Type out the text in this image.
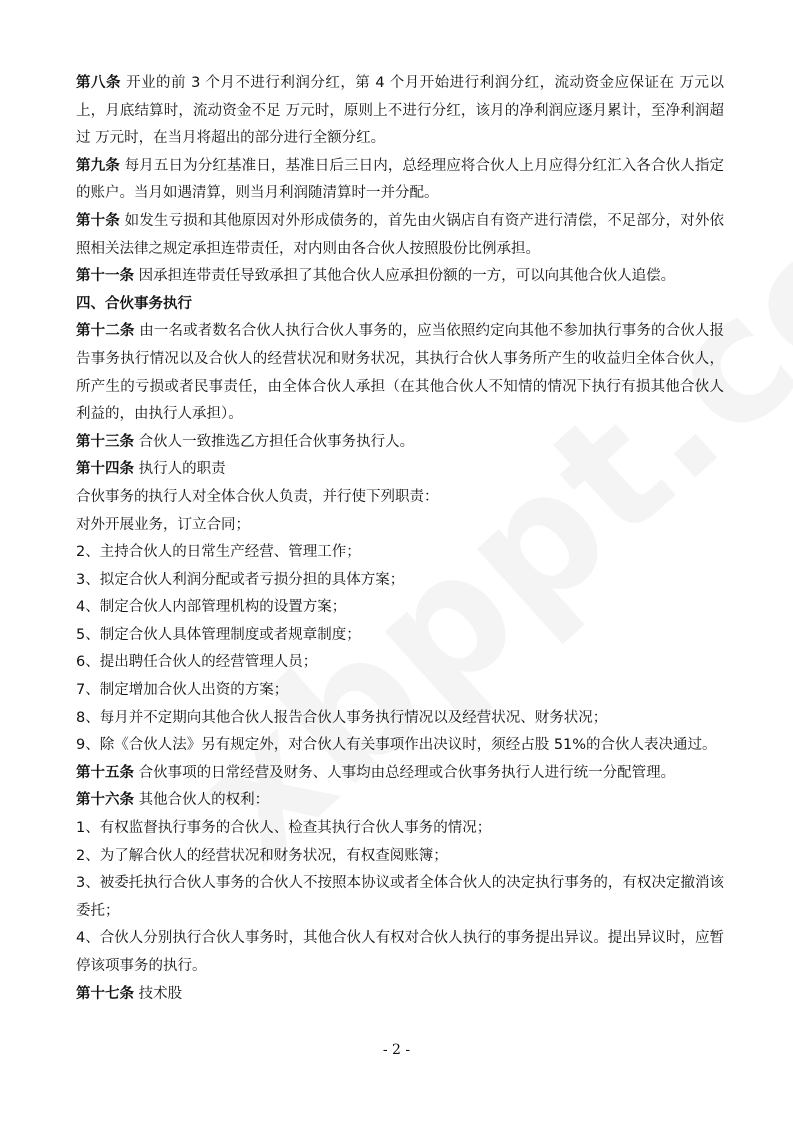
第八条 开业的前 3 个月不进行利润分红，第 4 个月开始进行利润分红，流动资金应保证在 万元以上，月底结算时，流动资金不足 万元时，原则上不进行分红，该月的净利润应逐月累计，至净利润超过 万元时，在当月将超出的部分进行全额分红。

第九条 每月五日为分红基准日，基准日后三日内，总经理应将合伙人上月应得分红汇入各合伙人指定的账户。当月如遇清算，则当月利润随清算时一并分配。

第十条 如发生亏损和其他原因对外形成债务的，首先由火锅店自有资产进行清偿，不足部分，对外依照相关法律之规定承担连带责任，对内则由各合伙人按照股份比例承担。

第十一条 因承担连带责任导致承担了其他合伙人应承担份额的一方，可以向其他合伙人追偿。

四、合伙事务执行

第十二条 由一名或者数名合伙人执行合伙人事务的，应当依照约定向其他不参加执行事务的合伙人报告事务执行情况以及合伙人的经营状况和财务状况，其执行合伙人事务所产生的收益归全体合伙人，所产生的亏损或者民事责任，由全体合伙人承担（在其他合伙人不知情的情况下执行有损其他合伙人利益的，由执行人承担）。

第十三条 合伙人一致推选乙方担任合伙事务执行人。

第十四条 执行人的职责

合伙事务的执行人对全体合伙人负责，并行使下列职责：

对外开展业务，订立合同；

2、主持合伙人的日常生产经营、管理工作；

3、拟定合伙人利润分配或者亏损分担的具体方案；

4、制定合伙人内部管理机构的设置方案；

5、制定合伙人具体管理制度或者规章制度；

6、提出聘任合伙人的经营管理人员；

7、制定增加合伙人出资的方案；

8、每月并不定期向其他合伙人报告合伙人事务执行情况以及经营状况、财务状况；

9、除《合伙人法》另有规定外，对合伙人有关事项作出决议时，须经占股 51%的合伙人表决通过。

第十五条 合伙事项的日常经营及财务、人事均由总经理或合伙事务执行人进行统一分配管理。

第十六条 其他合伙人的权利：

1、有权监督执行事务的合伙人、检查其执行合伙人事务的情况；

2、为了解合伙人的经营状况和财务状况，有权查阅账簿；

3、被委托执行合伙人事务的合伙人不按照本协议或者全体合伙人的决定执行事务的，有权决定撤消该委托；

4、合伙人分别执行合伙人事务时，其他合伙人有权对合伙人执行的事务提出异议。提出异议时，应暂停该项事务的执行。

第十七条 技术股

- 2 -
